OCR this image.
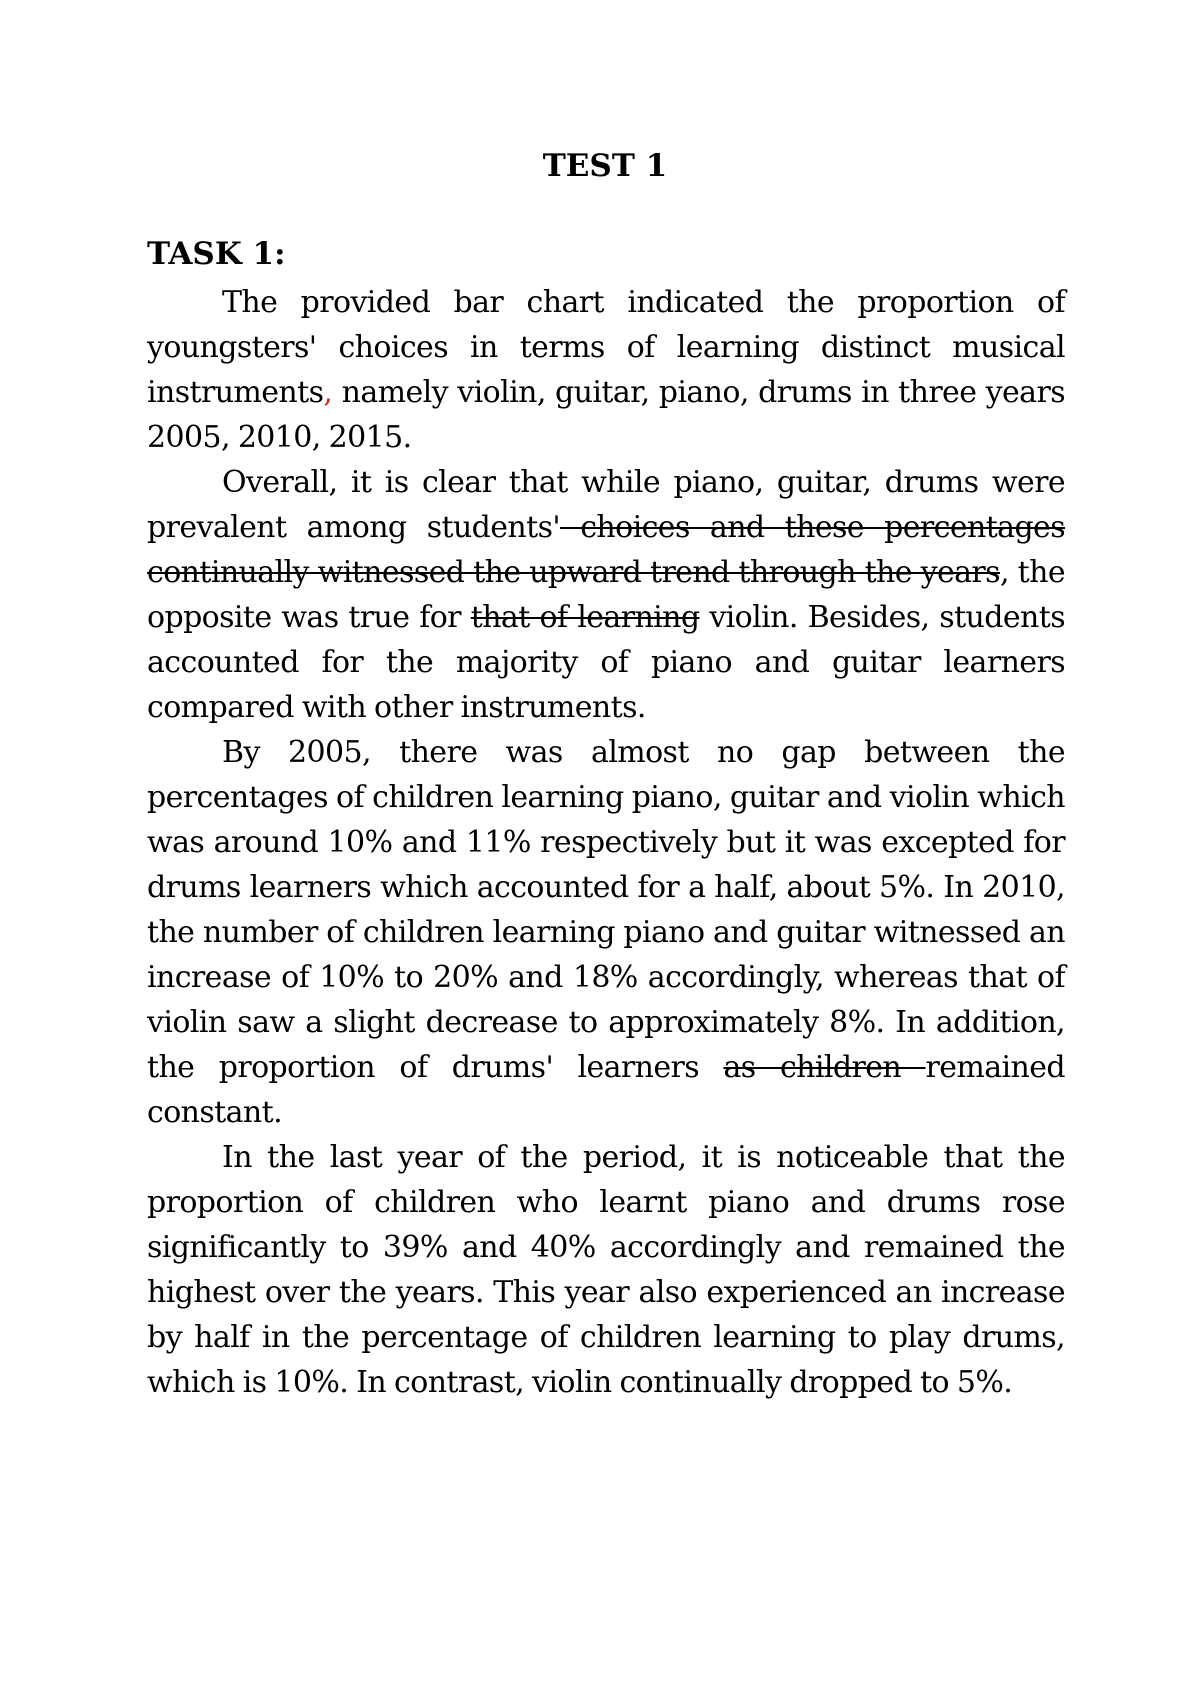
TEST 1
TASK 1:

The provided bar chart indicated the proportion of youngsters' choices in terms of learning distinct musical instruments, namely violin, guitar, piano, drums in three years 2005, 2010, 2015.

Overall, it is clear that while piano, guitar, drums were prevalent among students' choices and these percentages continually witnessed the upward trend through the years, the opposite was true for that of learning violin. Besides, students accounted for the majority of piano and guitar learners compared with other instruments.

By 2005, there was almost no gap between the percentages of children learning piano, guitar and violin which was around 10% and 11% respectively but it was excepted for drums learners which accounted for a half, about 5%. In 2010, the number of children learning piano and guitar witnessed an increase of 10% to 20% and 18% accordingly, whereas that of violin saw a slight decrease to approximately 8%. In addition, the proportion of drums' learners as children remained constant.

In the last year of the period, it is noticeable that the proportion of children who learnt piano and drums rose significantly to 39% and 40% accordingly and remained the highest over the years. This year also experienced an increase by half in the percentage of children learning to play drums, which is 10%. In contrast, violin continually dropped to 5%.
